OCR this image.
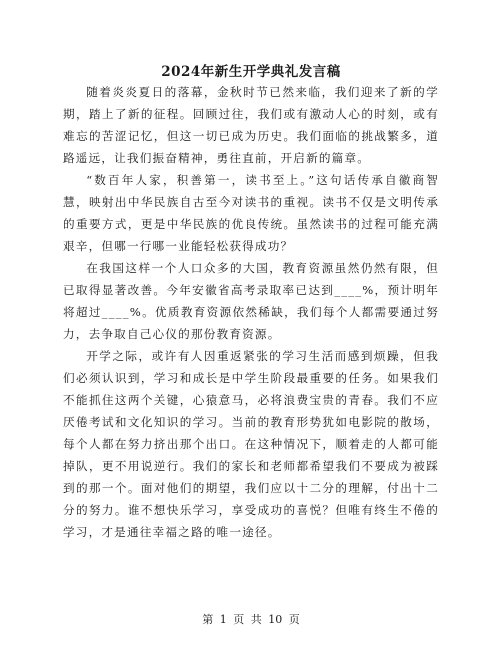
2024年新生开学典礼发言稿

随着炎炎夏日的落幕，金秋时节已然来临，我们迎来了新的学期，踏上了新的征程。回顾过往，我们或有激动人心的时刻，或有难忘的苦涩记忆，但这一切已成为历史。我们面临的挑战繁多，道路遥远，让我们振奋精神，勇往直前，开启新的篇章。

“数百年人家，积善第一，读书至上。”这句话传承自徽商智慧，映射出中华民族自古至今对读书的重视。读书不仅是文明传承的重要方式，更是中华民族的优良传统。虽然读书的过程可能充满艰辛，但哪一行哪一业能轻松获得成功？

在我国这样一个人口众多的大国，教育资源虽然仍然有限，但已取得显著改善。今年安徽省高考录取率已达到____%，预计明年将超过____%。优质教育资源依然稀缺，我们每个人都需要通过努力，去争取自己心仪的那份教育资源。

开学之际，或许有人因重返紧张的学习生活而感到烦躁，但我们必须认识到，学习和成长是中学生阶段最重要的任务。如果我们不能抓住这两个关键，心猿意马，必将浪费宝贵的青春。我们不应厌倦考试和文化知识的学习。当前的教育形势犹如电影院的散场，每个人都在努力挤出那个出口。在这种情况下，顺着走的人都可能掉队，更不用说逆行。我们的家长和老师都希望我们不要成为被踩到的那一个。面对他们的期望，我们应以十二分的理解，付出十二分的努力。谁不想快乐学习，享受成功的喜悦？但唯有终生不倦的学习，才是通往幸福之路的唯一途径。

第 1 页 共 10 页
